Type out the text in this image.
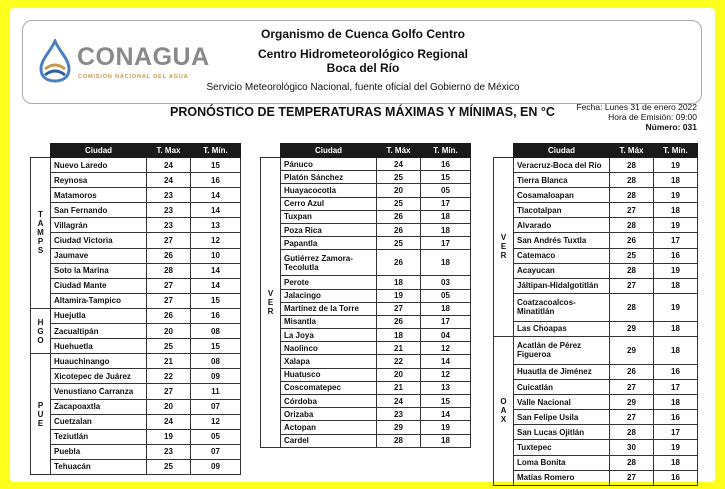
CONAGUA
COMISIÓN NACIONAL DEL AGUA
Organismo de Cuenca Golfo Centro
Centro Hidrometeorológico Regional
Boca del Río
Servicio Meteorológico Nacional, fuente oficial del Gobierno de México
PRONÓSTICO DE TEMPERATURAS MÁXIMAS Y MÍNIMAS, EN °C	Fecha: Lunes 31 de enero 2022
Hora de Emisión: 09:00
Número: 031
	Ciudad	T. Max	T. Mín.

T
A
M
P
S	Nuevo Laredo	24	15
	Reynosa	24	16
	Matamoros	23	14
	San Fernando	23	14
	Villagrán	23	13
	Ciudad Victoria	27	12
	Jaumave	26	10
	Soto la Marina	28	14
	Ciudad Mante	27	14
	Altamira-Tampico	27	15

H
G
O	Huejutla	26	16
	Zacualtipán	20	08
	Huehuetla	25	15

P
U
E	Huauchinango	21	08
	Xicotepec de Juárez	22	09
	Venustiano Carranza	27	11
	Zacapoaxtla	20	07
	Cuetzalan	24	12
	Teziutlán	19	05
	Puebla	23	07
	Tehuacán	25	09
	Ciudad	T. Máx	T. Mín.

V
E
R	Pánuco	24	16
	Platón Sánchez	25	15
	Huayacocotla	20	05
	Cerro Azul	25	17
	Tuxpan	26	18
	Poza Rica	26	18
	Papantla	25	17
	Gutiérrez Zamora-Tecolutla	26	18
	Perote	18	03
	Jalacingo	19	05
	Martínez de la Torre	27	18
	Misantla	26	17
	La Joya	18	04
	Naolinco	21	12
	Xalapa	22	14
	Huatusco	20	12
	Coscomatepec	21	13
	Córdoba	24	15
	Orizaba	23	14
	Actopan	29	19
	Cardel	28	18
	Ciudad	T. Máx	T. Mín.

V
E
R	Veracruz-Boca del Río	28	19
	Tierra Blanca	28	18
	Cosamaloapan	28	19
	Tlacotalpan	27	18
	Alvarado	28	19
	San Andrés Tuxtla	26	17
	Catemaco	25	16
	Acayucan	28	19
	Jáltipan-Hidalgotitlán	27	18
	Coatzacoalcos-Minatitlán	28	19
	Las Choapas	29	18

O
A
X	Acatlán de Pérez Figueroa	29	18
	Huautla de Jiménez	26	16
	Cuicatlán	27	17
	Valle Nacional	29	18
	San Felipe Usila	27	16
	San Lucas Ojitlán	28	17
	Tuxtepec	30	19
	Loma Bonita	28	18
	Matías Romero	27	16
